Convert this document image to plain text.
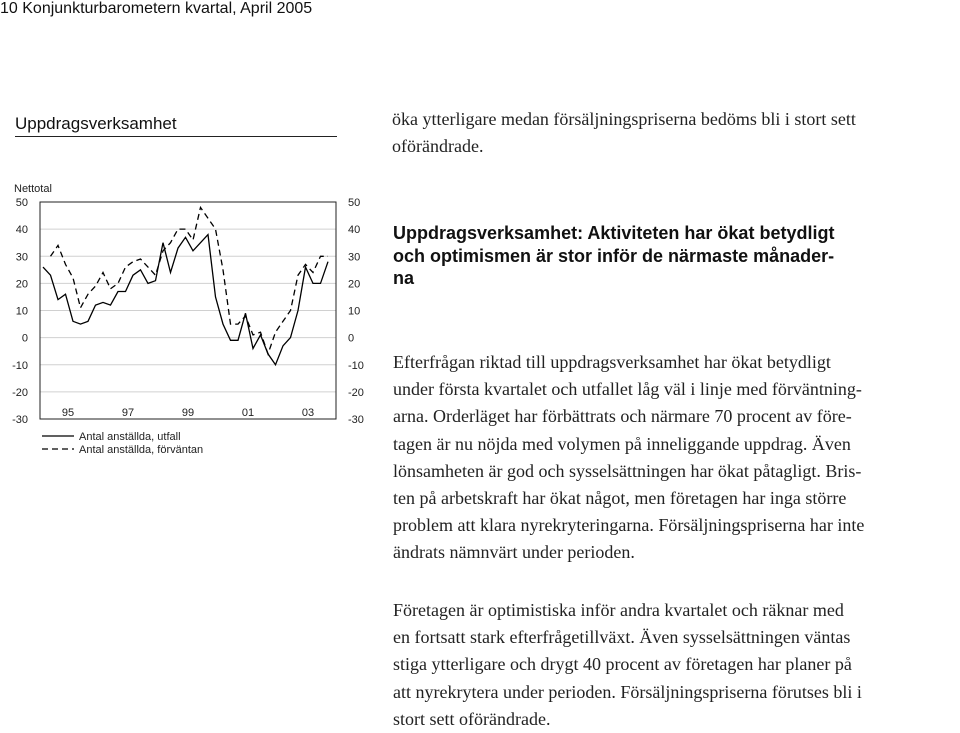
10 Konjunkturbarometern kvartal, April 2005
Uppdragsverksamhet
Nettotal
50
40
30
20
10
0
-10
-20
-30
50
40
30
20
10
0
-10
-20
-30
95	97	99	01	03
Antal anställda, utfall
Antal anställda, förväntan
öka ytterligare medan försäljningspriserna bedöms bli i stort sett
oförändrade.
Uppdragsverksamhet: Aktiviteten har ökat betydligt
och optimismen är stor inför de närmaste månader-
na
Efterfrågan riktad till uppdragsverksamhet har ökat betydligt
under första kvartalet och utfallet låg väl i linje med förväntning-
arna. Orderläget har förbättrats och närmare 70 procent av före-
tagen är nu nöjda med volymen på inneliggande uppdrag. Även
lönsamheten är god och sysselsättningen har ökat påtagligt. Bris-
ten på arbetskraft har ökat något, men företagen har inga större
problem att klara nyrekryteringarna. Försäljningspriserna har inte
ändrats nämnvärt under perioden.
Företagen är optimistiska inför andra kvartalet och räknar med
en fortsatt stark efterfrågetillväxt. Även sysselsättningen väntas
stiga ytterligare och drygt 40 procent av företagen har planer på
att nyrekrytera under perioden. Försäljningspriserna förutses bli i
stort sett oförändrade.
